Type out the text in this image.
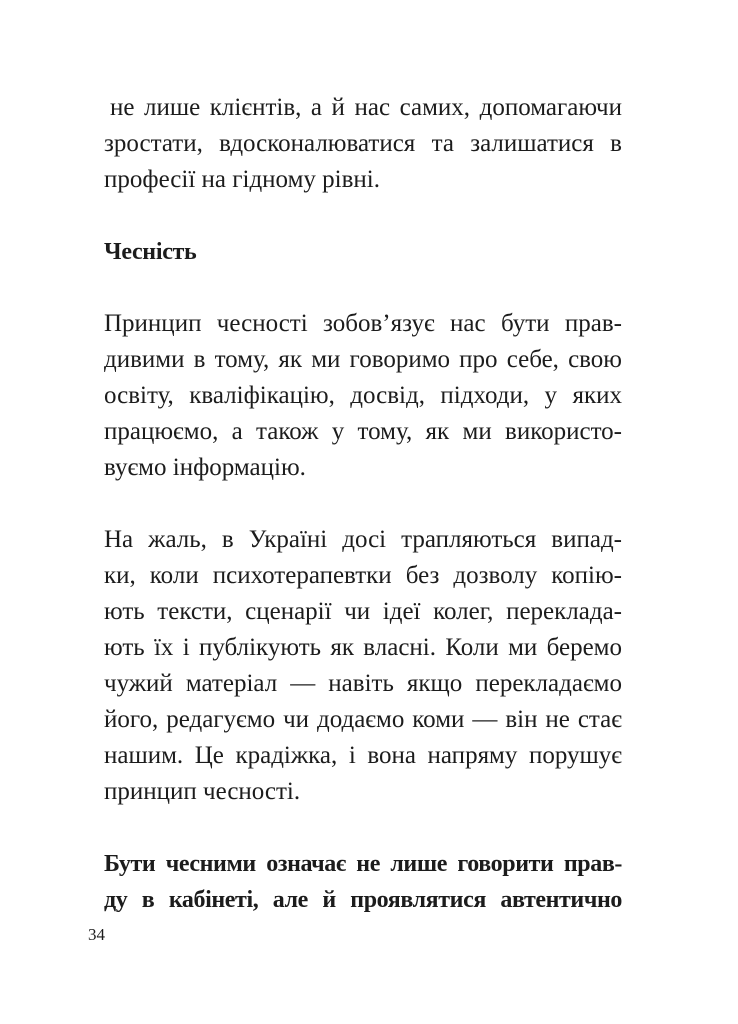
не лише клієнтів, а й нас самих, допомагаючи
зростати, вдосконалюватися та залишатися в
професії на гідному рівні.
Чесність
Принцип чесності зобов’язує нас бути прав-
дивими в тому, як ми говоримо про себе, свою
освіту, кваліфікацію, досвід, підходи, у яких
працюємо, а також у тому, як ми використо-
вуємо інформацію.
На жаль, в Україні досі трапляються випад-
ки, коли психотерапевтки без дозволу копію-
ють тексти, сценарії чи ідеї колег, переклада-
ють їх і публікують як власні. Коли ми беремо
чужий матеріал — навіть якщо перекладаємо
його, редагуємо чи додаємо коми — він не стає
нашим. Це крадіжка, і вона напряму порушує
принцип чесності.
Бути чесними означає не лише говорити прав-
ду в кабінеті, але й проявлятися автентично
34
